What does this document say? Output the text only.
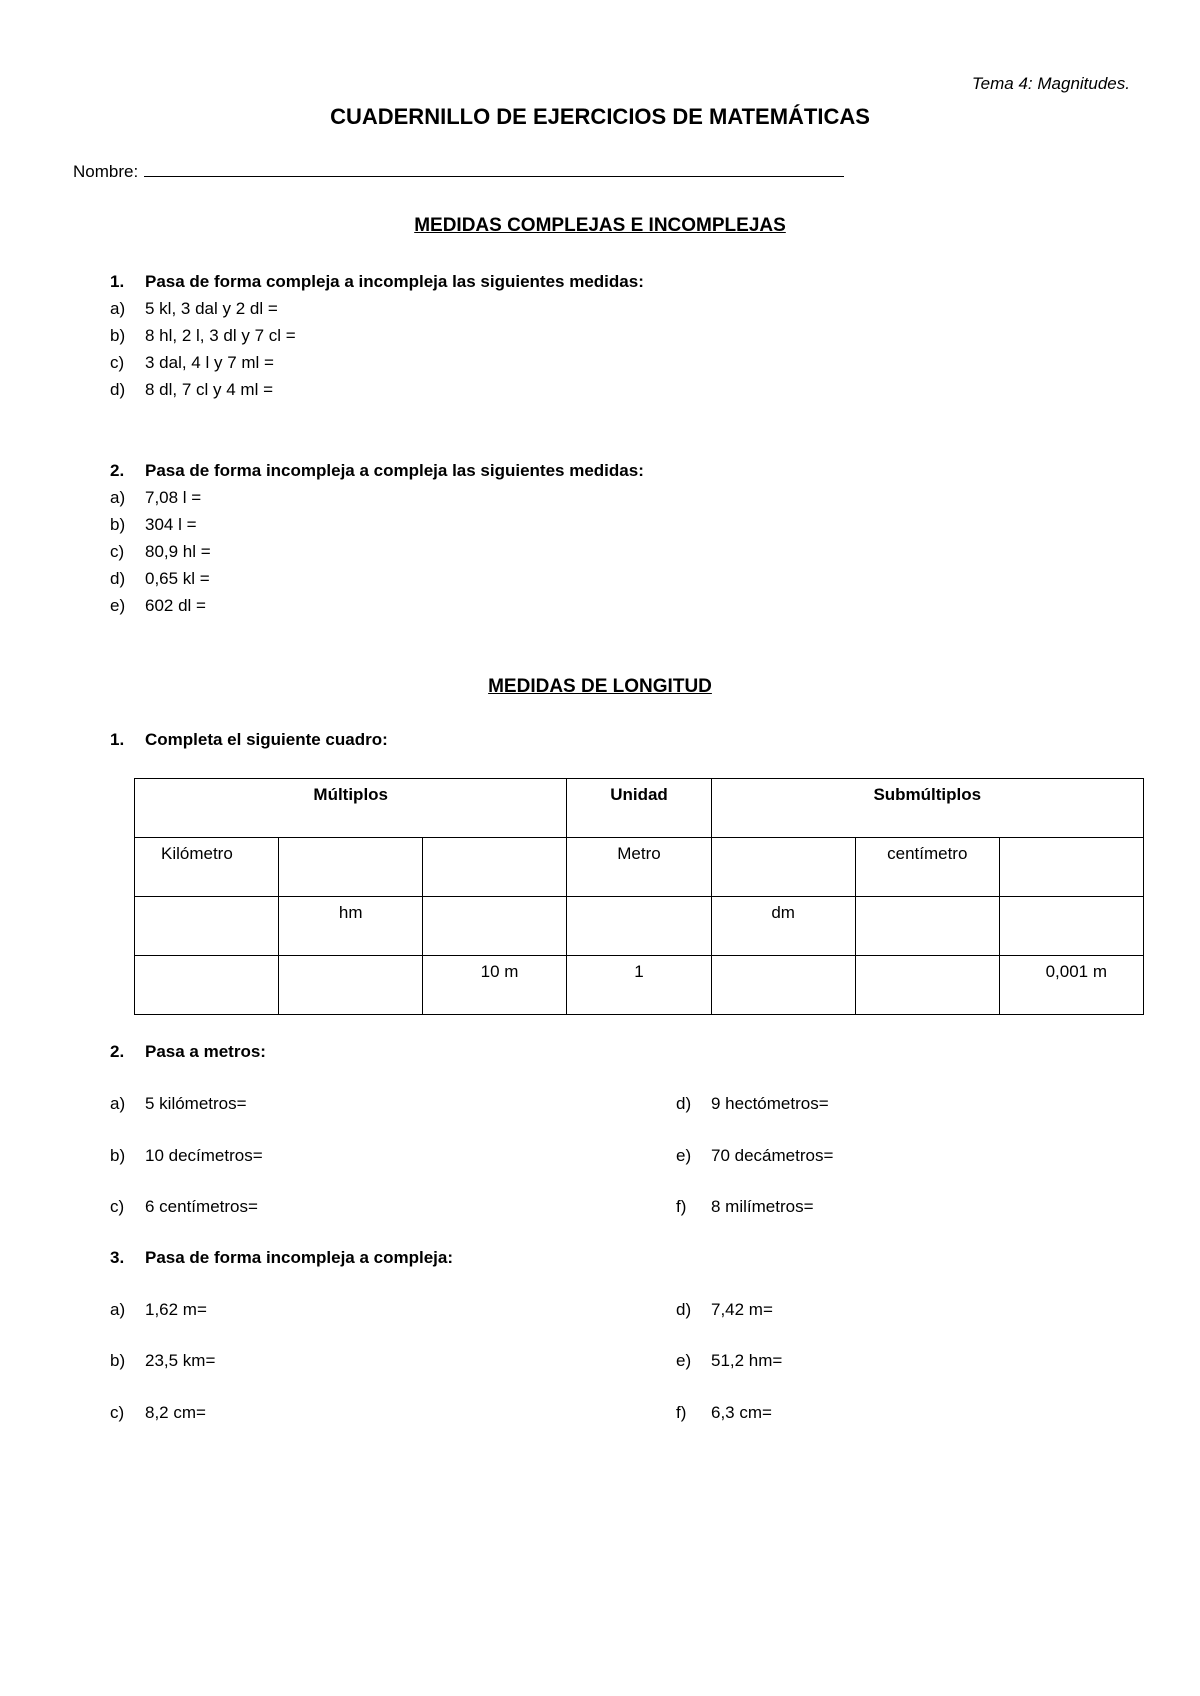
Tema 4: Magnitudes.
CUADERNILLO DE EJERCICIOS DE MATEMÁTICAS
Nombre:
MEDIDAS COMPLEJAS E INCOMPLEJAS
1. Pasa de forma compleja a incompleja las siguientes medidas:
a) 5 kl, 3 dal y 2 dl =
b) 8 hl, 2 l, 3 dl y 7 cl =
c) 3 dal, 4 l y 7 ml =
d) 8 dl, 7 cl y 4 ml =
2. Pasa de forma incompleja a compleja las siguientes medidas:
a) 7,08 l =
b) 304 l =
c) 80,9 hl =
d) 0,65 kl =
e) 602 dl =
MEDIDAS DE LONGITUD
1. Completa el siguiente cuadro:
Múltiplos			Unidad	Submúltiplos		
Kilómetro			Metro		centímetro	
	hm			dm		
		10 m	1			0,001 m
2. Pasa a metros:
a) 5 kilómetros=
b) 10 decímetros=
c) 6 centímetros=
d) 9 hectómetros=
e) 70 decámetros=
f) 8 milímetros=
3. Pasa de forma incompleja a compleja:
a) 1,62 m=
b) 23,5 km=
c) 8,2 cm=
d) 7,42 m=
e) 51,2 hm=
f) 6,3 cm=
